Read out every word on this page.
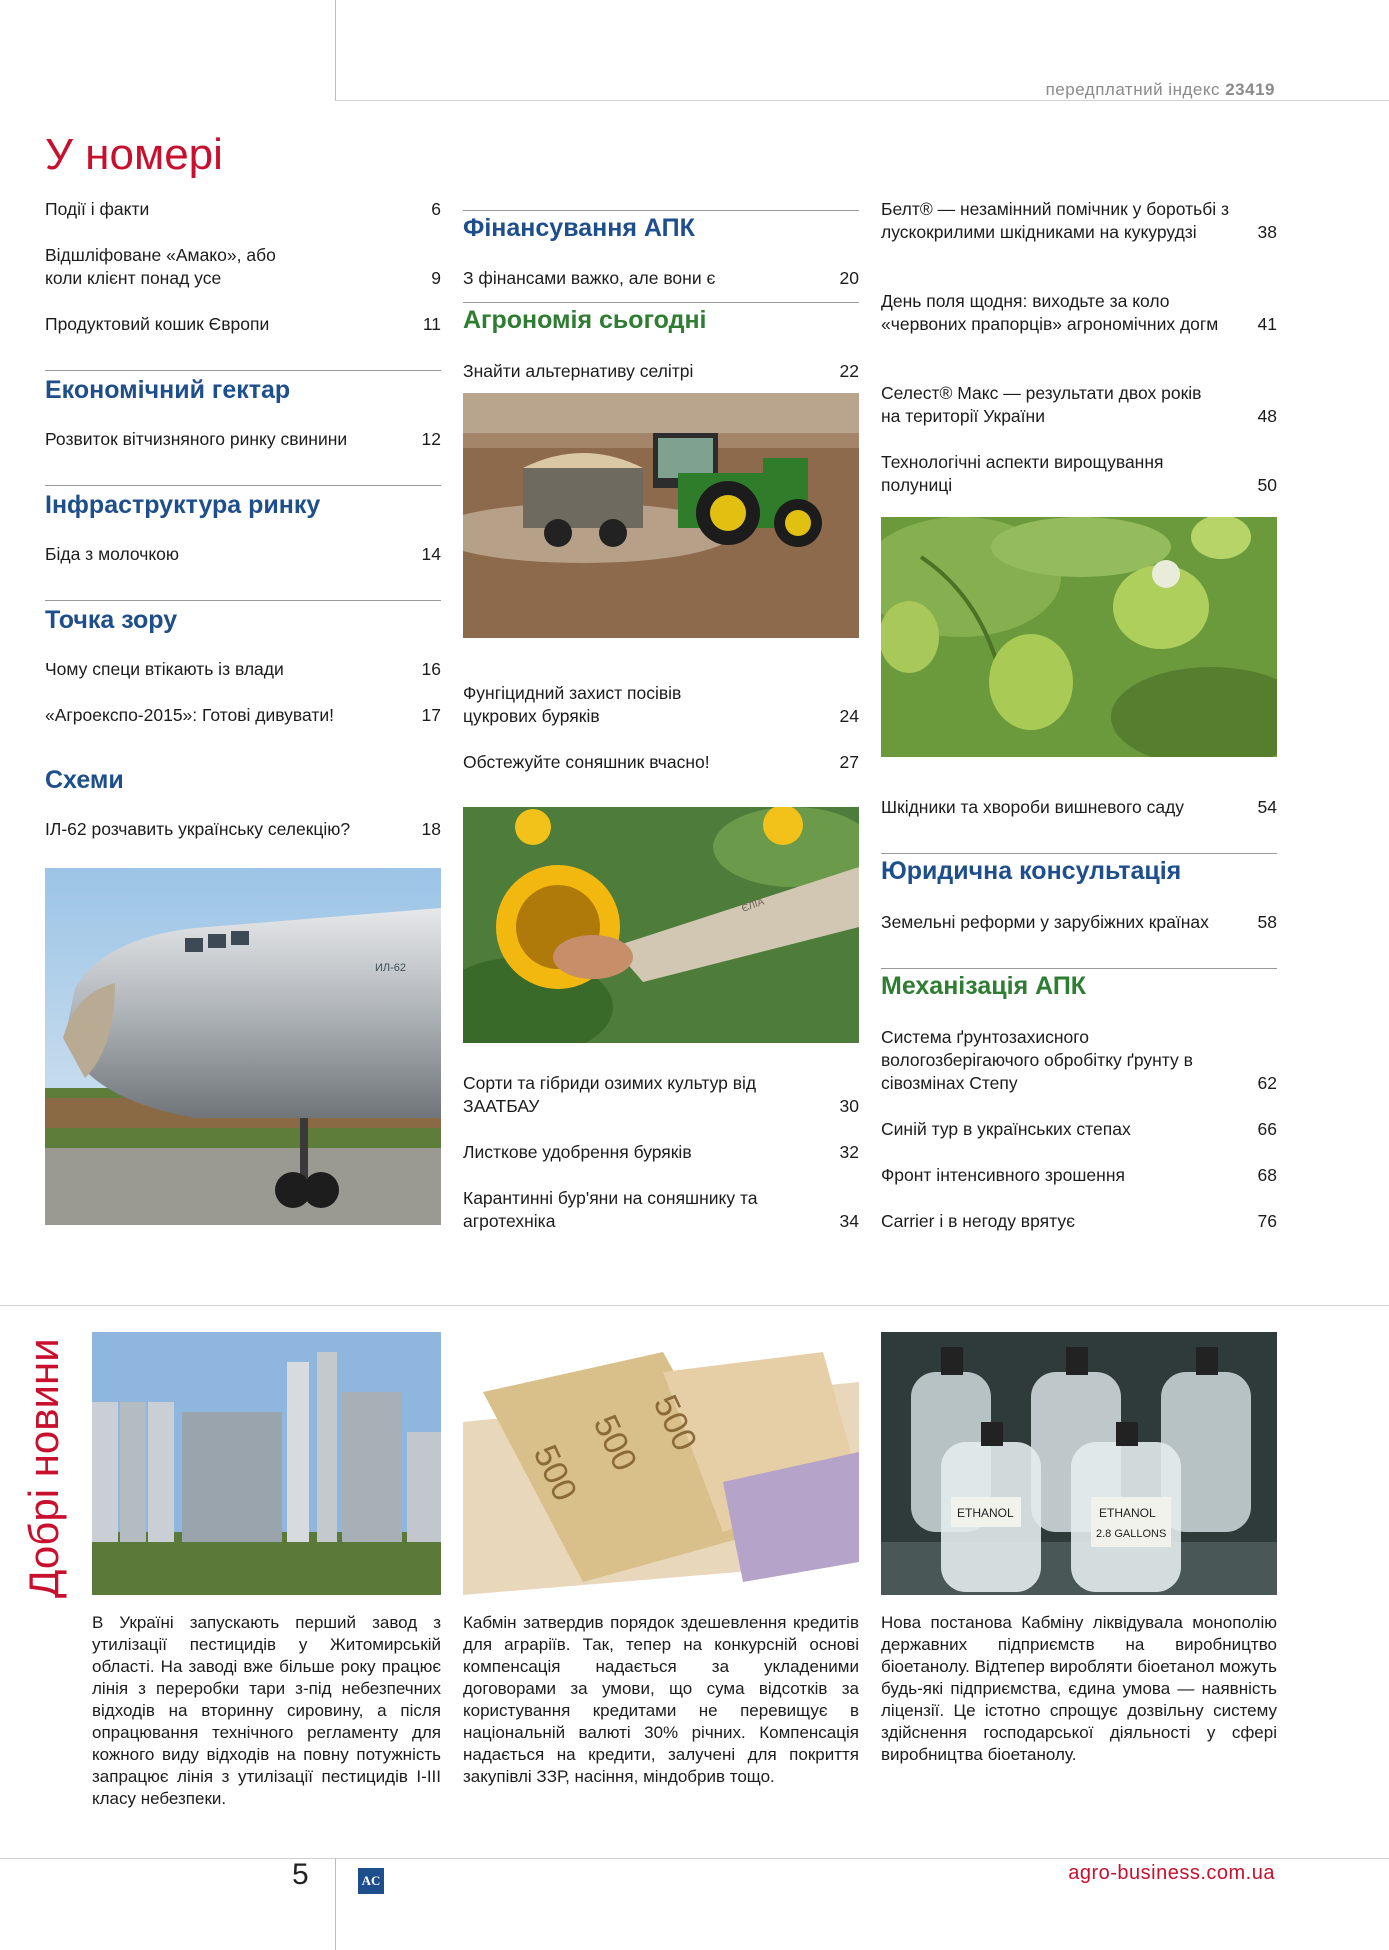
передплатний індекс 23419
У номері
Події і факти	6
Відшліфоване «Амако», або коли клієнт понад усе	9
Продуктовий кошик Європи	11
Економічний гектар
Розвиток вітчизняного ринку свинини	12
Інфраструктура ринку
Біда з молочкою	14
Точка зору
Чому специ втікають із влади	16
«Агроекспо-2015»: Готові дивувати!	17
Схеми
ІЛ-62 розчавить українську селекцію?	18
ИЛ-62
Фінансування АПК
З фінансами важко, але вони є	20
Агрономія сьогодні
Знайти альтернативу селітрі	22
Фунгіцидний захист посівів цукрових буряків	24
Обстежуйте соняшник вчасно!	27
Сорти та гібриди озимих культур від ЗААТБАУ	30
Листкове удобрення буряків	32
Карантинні бур'яни на соняшнику та агротехніка	34
ЄЛІА
Белт® — незамінний помічник у боротьбі з лускокрилими шкідниками на кукурудзі	38
День поля щодня: виходьте за коло «червоних прапорців» агрономічних догм	41
Селест® Макс — результати двох років на території України	48
Технологічні аспекти вирощування полуниці	50
Шкідники та хвороби вишневого саду	54
Юридична консультація
Земельні реформи у зарубіжних країнах	58
Механізація АПК
Система ґрунтозахисного вологозберігаючого обробітку ґрунту в сівозмінах Степу	62
Синій тур в українських степах	66
Фронт інтенсивного зрошення	68
Carrier і в негоду врятує	76
Добрі новини	500 500 500
ETHANOL
2.8 GALLONS
ETHANOL

В Україні запускають перший завод з утилізації пестицидів у Житомирській області. На заводі вже більше року працює лінія з переробки тари з-під небезпечних відходів на вторинну сировину, а після опрацювання технічного регламенту для кожного виду відходів на повну потужність запрацює лінія з утилізації пестицидів I-III класу небезпеки.

Кабмін затвердив порядок здешевлення кредитів для аграріїв. Так, тепер на конкурсній основі компенсація надається за укладеними договорами за умови, що сума відсотків за користування кредитами не перевищує в національній валюті 30% річних. Компенсація надається на кредити, залучені для покриття закупівлі ЗЗР, насіння, міндобрив тощо.

Нова постанова Кабміну ліквідувала монополію державних підприємств на виробництво біоетанолу. Відтепер виробляти біоетанол можуть будь-які підприємства, єдина умова — наявність ліцензії. Це істотно спрощує дозвільну систему здійснення господарської діяльності у сфері виробництва біоетанолу.

5	AC	agro-business.com.ua
